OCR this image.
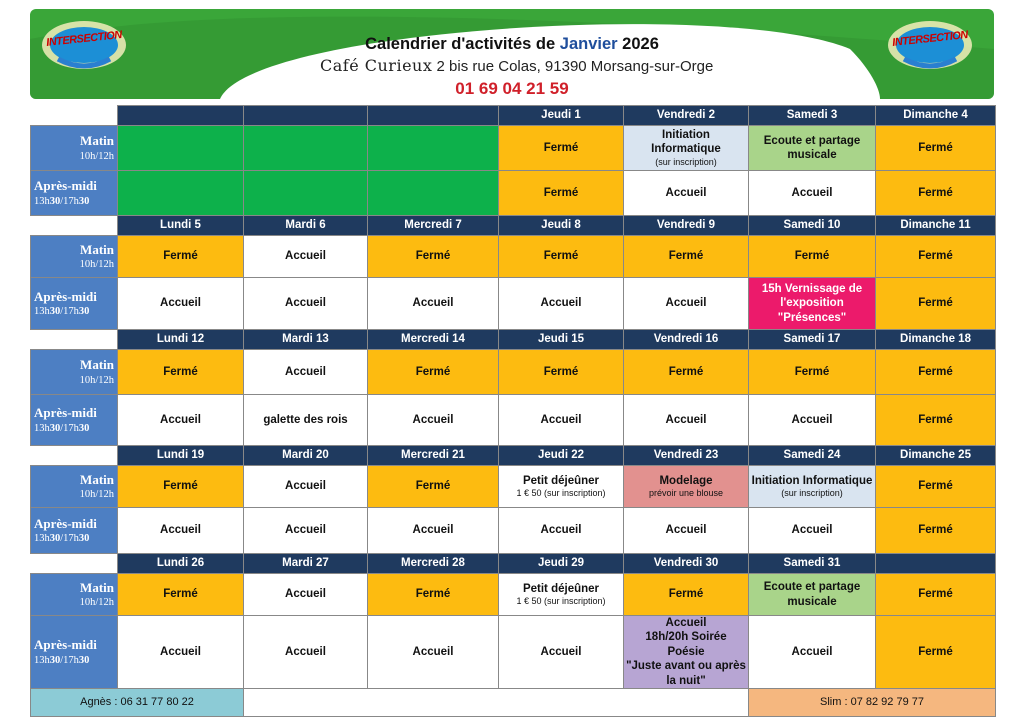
INTERSECTION	INTERSECTION
Calendrier d'activités de Janvier 2026
Café Curieux 2 bis rue Colas, 91390 Morsang-sur-Orge
01 69 04 21 59
				Jeudi 1	Vendredi 2	Samedi 3	Dimanche 4

Matin
10h/12h				Fermé	Initiation Informatique
(sur inscription)	Ecoute et partage musicale	Fermé

Après-midi
13h30/17h30				Fermé	Accueil	Accueil	Fermé
	Lundi 5	Mardi 6	Mercredi 7	Jeudi 8	Vendredi 9	Samedi 10	Dimanche 11

Matin
10h/12h	Fermé	Accueil	Fermé	Fermé	Fermé	Fermé	Fermé

Après-midi
13h30/17h30	Accueil	Accueil	Accueil	Accueil	Accueil	15h Vernissage de l'exposition "Présences"	Fermé
	Lundi 12	Mardi 13	Mercredi 14	Jeudi 15	Vendredi 16	Samedi 17	Dimanche 18

Matin
10h/12h	Fermé	Accueil	Fermé	Fermé	Fermé	Fermé	Fermé

Après-midi
13h30/17h30	Accueil	galette des rois	Accueil	Accueil	Accueil	Accueil	Fermé
	Lundi 19	Mardi 20	Mercredi 21	Jeudi 22	Vendredi 23	Samedi 24	Dimanche 25

Matin
10h/12h	Fermé	Accueil	Fermé	Petit déjeûner
1 € 50 (sur inscription)	Modelage
prévoir une blouse	Initiation Informatique
(sur inscription)	Fermé

Après-midi
13h30/17h30	Accueil	Accueil	Accueil	Accueil	Accueil	Accueil	Fermé
	Lundi 26	Mardi 27	Mercredi 28	Jeudi 29	Vendredi 30	Samedi 31	

Matin
10h/12h	Fermé	Accueil	Fermé	Petit déjeûner
1 € 50 (sur inscription)	Fermé	Ecoute et partage musicale	Fermé

Après-midi
13h30/17h30	Accueil	Accueil	Accueil	Accueil	Accueil
18h/20h Soirée Poésie
"Juste avant ou après la nuit"	Accueil	Fermé
Agnès : 06 31 77 80 22						Slim : 07 82 92 79 77	
